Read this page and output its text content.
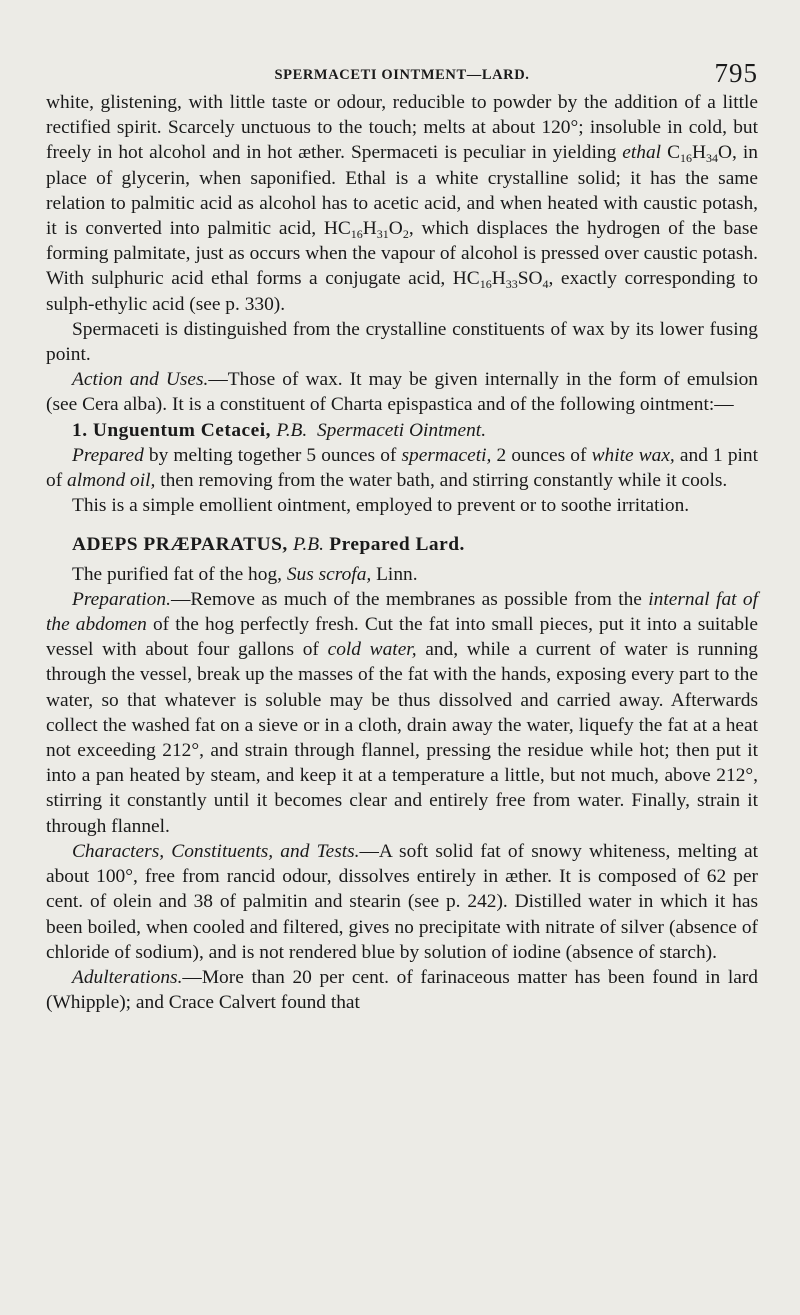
SPERMACETI OINTMENT—LARD.	795

white, glistening, with little taste or odour, reducible to powder by the addition of a little rectified spirit. Scarcely unctuous to the touch; melts at about 120°; insoluble in cold, but freely in hot alcohol and in hot æther. Spermaceti is peculiar in yielding ethal $C_{16}H_{34}O$, in place of glycerin, when saponified. Ethal is a white crystalline solid; it has the same relation to palmitic acid as alcohol has to acetic acid, and when heated with caustic potash, it is converted into palmitic acid, $HC_{16}H_{31}O_2$, which displaces the hydrogen of the base forming palmitate, just as occurs when the vapour of alcohol is pressed over caustic potash. With sulphuric acid ethal forms a conjugate acid, $HC_{16}H_{33}SO_4$, exactly corresponding to sulph-ethylic acid (see p. 330).

Spermaceti is distinguished from the crystalline constituents of wax by its lower fusing point.

Action and Uses.—Those of wax. It may be given internally in the form of emulsion (see Cera alba). It is a constituent of Charta epispastica and of the following ointment:—

1. Unguentum Cetacei, P.B. Spermaceti Ointment.

Prepared by melting together 5 ounces of spermaceti, 2 ounces of white wax, and 1 pint of almond oil, then removing from the water bath, and stirring constantly while it cools.

This is a simple emollient ointment, employed to prevent or to soothe irritation.

ADEPS PRÆPARATUS, P.B. Prepared Lard.

The purified fat of the hog, Sus scrofa, Linn.

Preparation.—Remove as much of the membranes as possible from the internal fat of the abdomen of the hog perfectly fresh. Cut the fat into small pieces, put it into a suitable vessel with about four gallons of cold water, and, while a current of water is running through the vessel, break up the masses of the fat with the hands, exposing every part to the water, so that whatever is soluble may be thus dissolved and carried away. Afterwards collect the washed fat on a sieve or in a cloth, drain away the water, liquefy the fat at a heat not exceeding 212°, and strain through flannel, pressing the residue while hot; then put it into a pan heated by steam, and keep it at a temperature a little, but not much, above 212°, stirring it constantly until it becomes clear and entirely free from water. Finally, strain it through flannel.

Characters, Constituents, and Tests.—A soft solid fat of snowy whiteness, melting at about 100°, free from rancid odour, dissolves entirely in æther. It is composed of 62 per cent. of olein and 38 of palmitin and stearin (see p. 242). Distilled water in which it has been boiled, when cooled and filtered, gives no precipitate with nitrate of silver (absence of chloride of sodium), and is not rendered blue by solution of iodine (absence of starch).

Adulterations.—More than 20 per cent. of farinaceous matter has been found in lard (Whipple); and Crace Calvert found that
